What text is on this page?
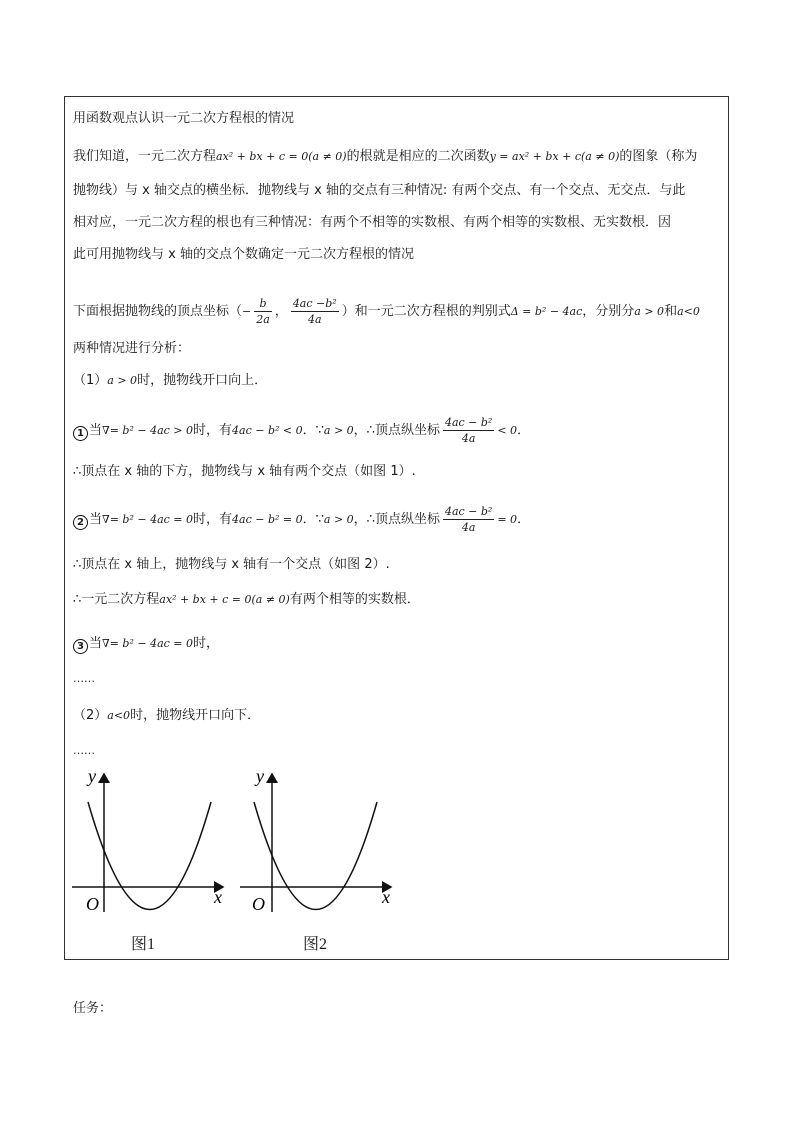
用函数观点认识一元二次方程根的情况
我们知道，一元二次方程ax² + bx + c = 0(a ≠ 0)的根就是相应的二次函数y = ax² + bx + c(a ≠ 0)的图象（称为
抛物线）与 x 轴交点的横坐标．抛物线与 x 轴的交点有三种情况: 有两个交点、有一个交点、无交点．与此
相对应，一元二次方程的根也有三种情况：有两个不相等的实数根、有两个相等的实数根、无实数根．因
此可用抛物线与 x 轴的交点个数确定一元二次方程根的情况
下面根据抛物线的顶点坐标（− $\frac{b}{2a}$ ， $\frac{\text{4ac −b²}}{4a}$ ）和一元二次方程根的判别式Δ = b² − 4ac，分别分a > 0和a<0
两种情况进行分析：
（1）a > 0时，抛物线开口向上．
1 当∇= b² − 4ac > 0时，有4ac − b² < 0．∵a > 0，∴顶点纵坐标 $\frac{\text{4ac − b²}}{4a} < 0$．
∴顶点在 x 轴的下方，抛物线与 x 轴有两个交点（如图 1）.
2 当∇= b² − 4ac = 0时，有4ac − b² = 0．∵a > 0，∴顶点纵坐标 $\frac{\text{4ac − b²}}{4a} = 0$．
∴顶点在 x 轴上，抛物线与 x 轴有一个交点（如图 2）.
∴一元二次方程ax² + bx + c = 0(a ≠ 0)有两个相等的实数根．
3 当∇= b² − 4ac = 0时，
……
（2）a<0时，抛物线开口向下．
……
y
x
O
图1
y
x
O
图2
任务：
